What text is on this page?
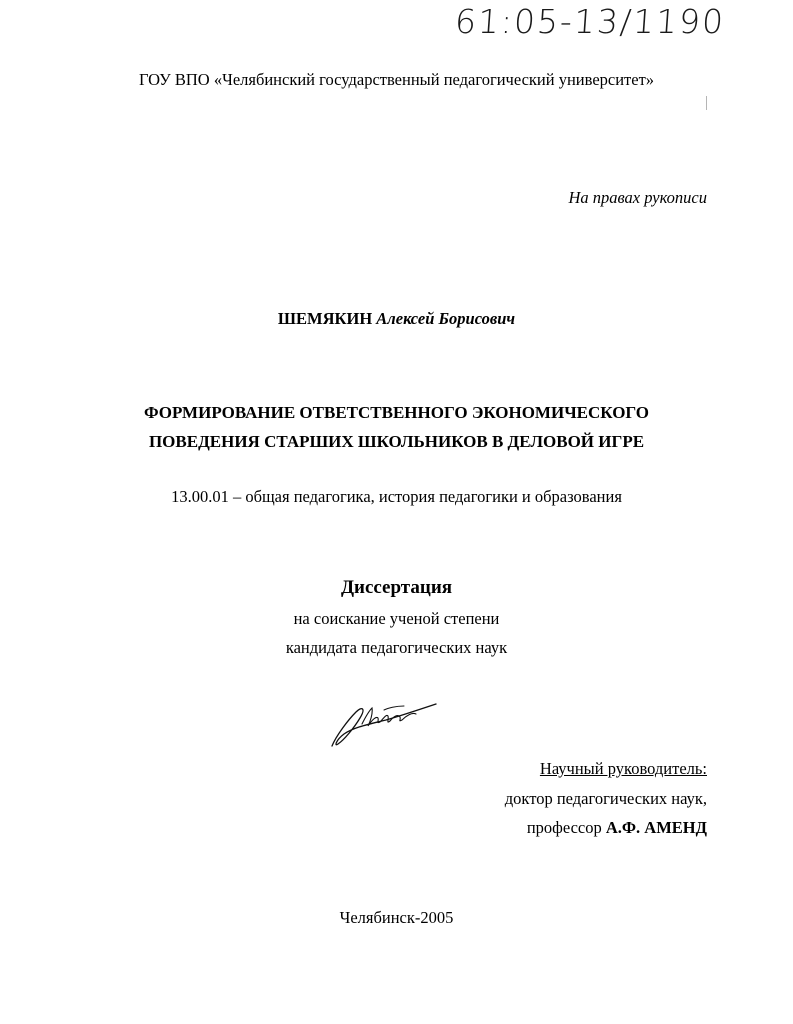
61:05-13/1190
ГОУ ВПО «Челябинский государственный педагогический университет»
На правах рукописи
ШЕМЯКИН Алексей Борисович
ФОРМИРОВАНИЕ ОТВЕТСТВЕННОГО ЭКОНОМИЧЕСКОГО
ПОВЕДЕНИЯ СТАРШИХ ШКОЛЬНИКОВ В ДЕЛОВОЙ ИГРЕ
13.00.01 – общая педагогика, история педагогики и образования
Диссертация
на соискание ученой степени
кандидата педагогических наук
Научный руководитель:
доктор педагогических наук,
профессор А.Ф. АМЕНД
Челябинск-2005
